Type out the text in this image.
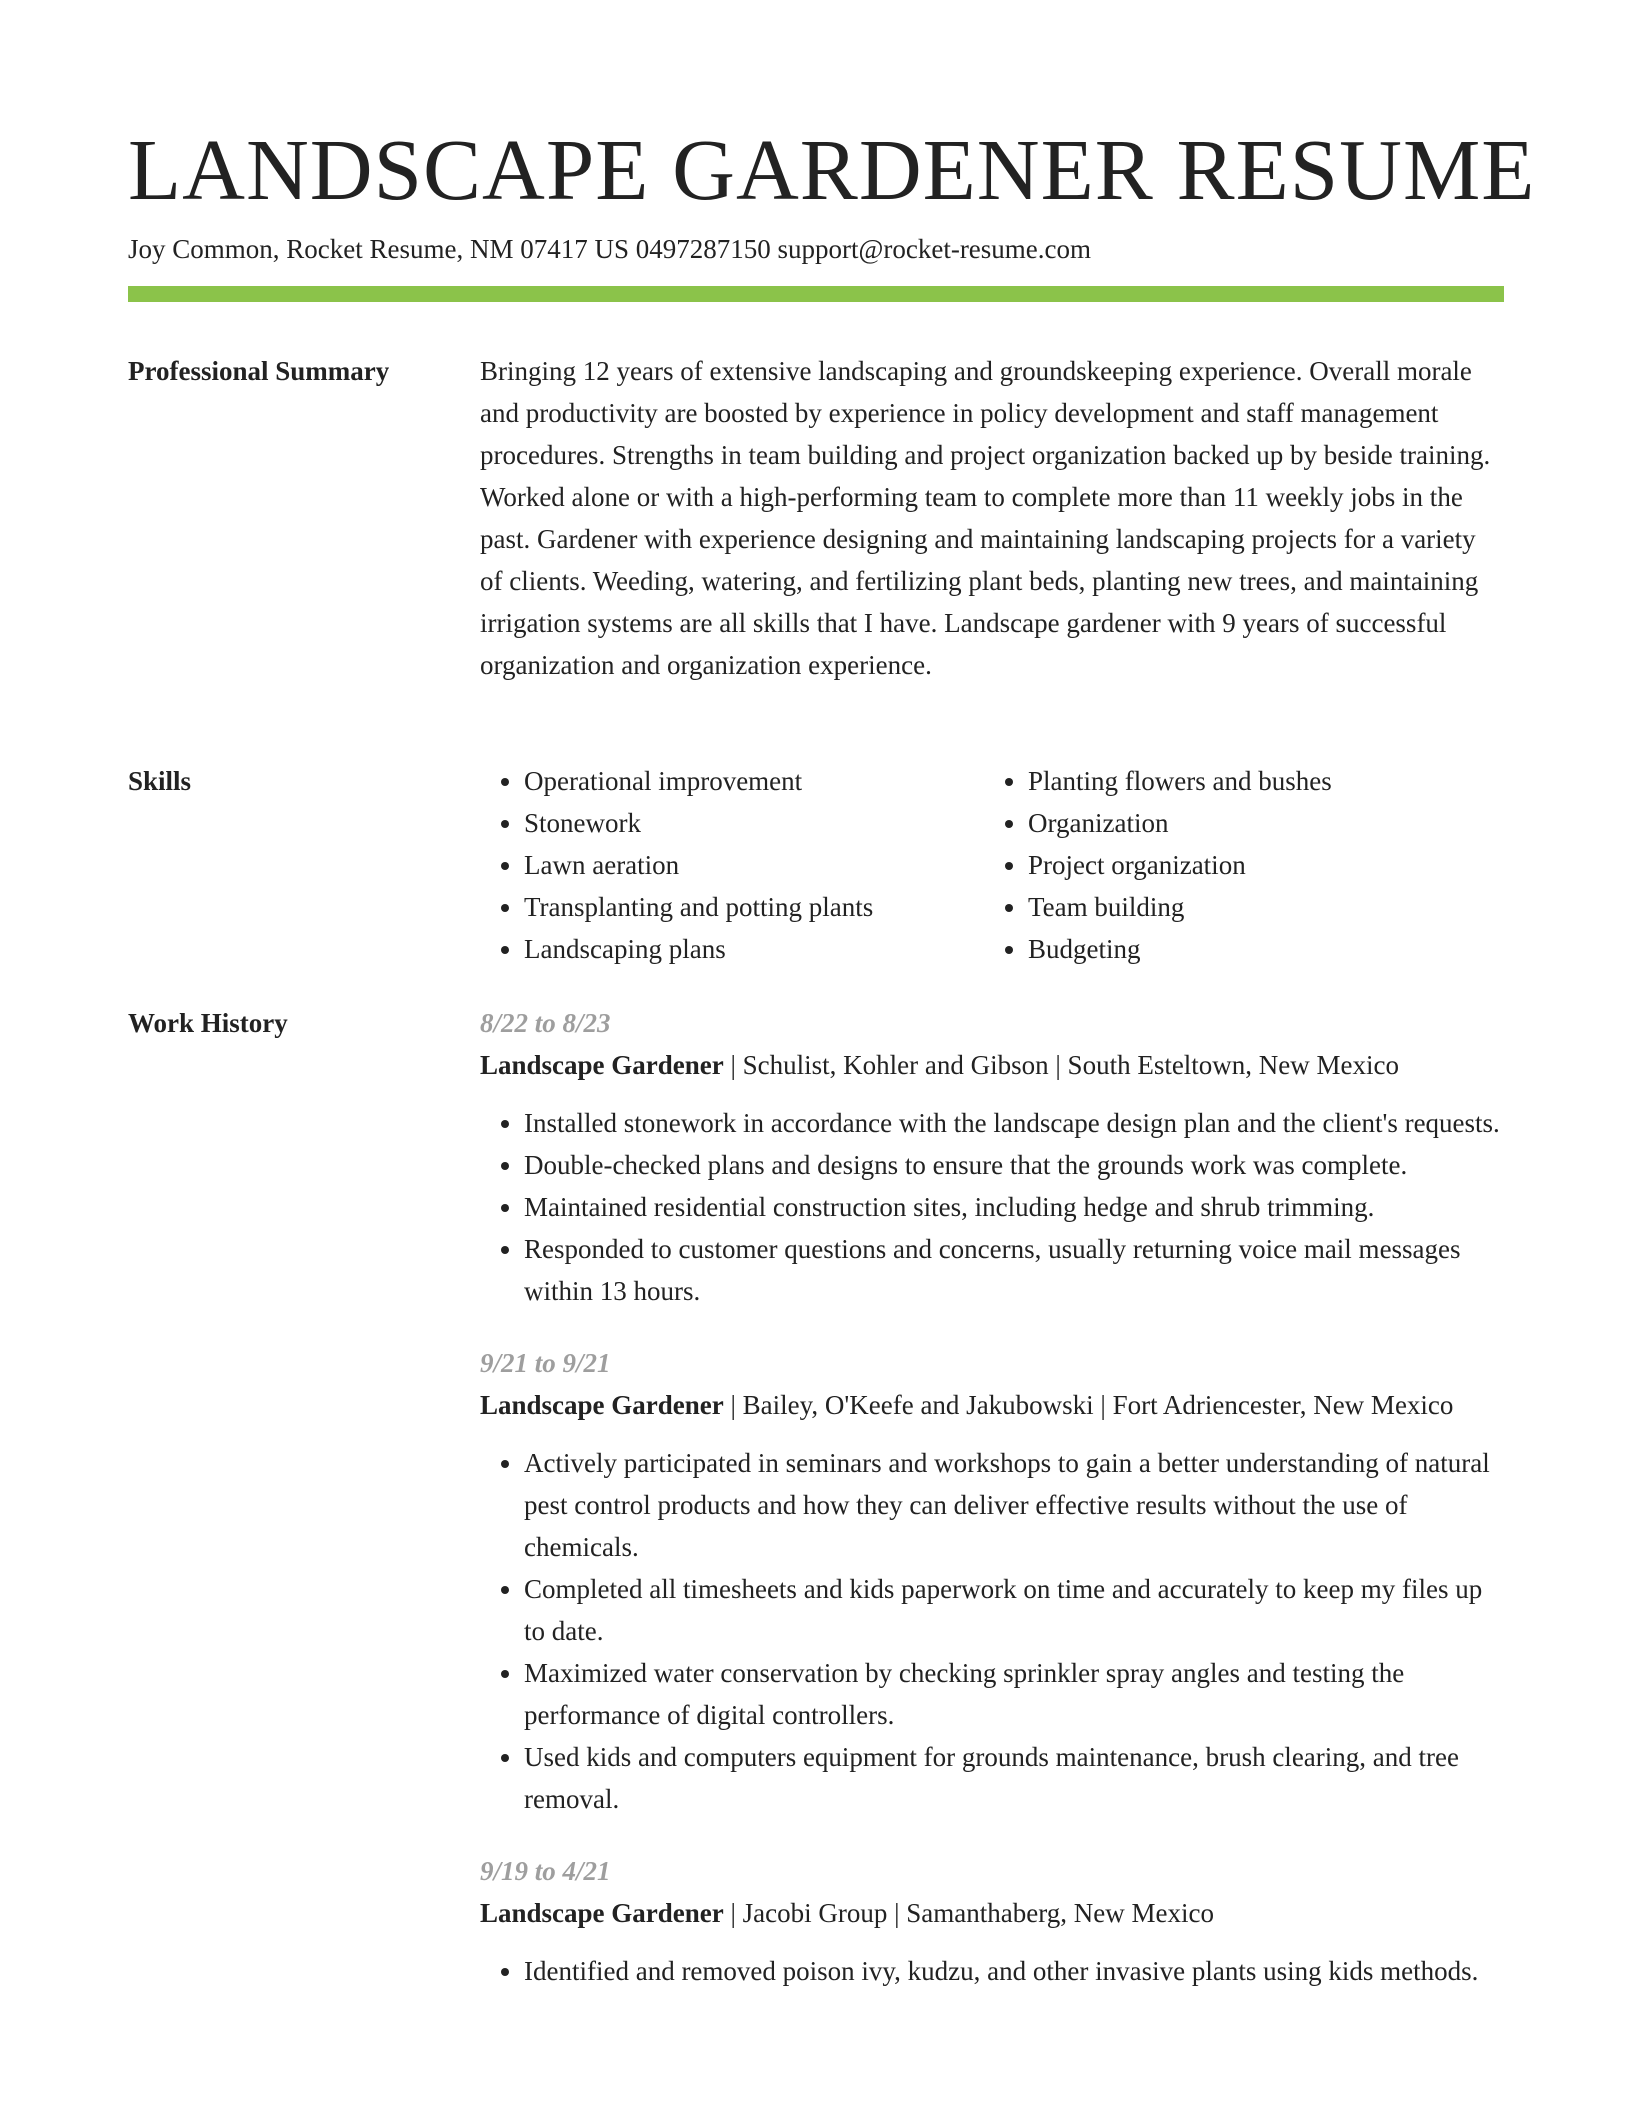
LANDSCAPE GARDENER RESUME
Joy Common, Rocket Resume, NM 07417 US 0497287150 support@rocket-resume.com
Professional Summary	Bringing 12 years of extensive landscaping and groundskeeping experience. Overall morale and productivity are boosted by experience in policy development and staff management procedures. Strengths in team building and project organization backed up by beside training. Worked alone or with a high-performing team to complete more than 11 weekly jobs in the past. Gardener with experience designing and maintaining landscaping projects for a variety of clients. Weeding, watering, and fertilizing plant beds, planting new trees, and maintaining irrigation systems are all skills that I have. Landscape gardener with 9 years of successful organization and organization experience.

Skills
•	Operational improvement
• Stonework
• Lawn aeration
• Transplanting and potting plants
• Landscaping plans
• Planting flowers and bushes
• Organization
• Project organization
• Team building
• Budgeting
Work History	8/22 to 8/23
Landscape Gardener | Schulist, Kohler and Gibson | South Esteltown, New Mexico
• Installed stonework in accordance with the landscape design plan and the client's requests.
• Double-checked plans and designs to ensure that the grounds work was complete.
• Maintained residential construction sites, including hedge and shrub trimming.
• Responded to customer questions and concerns, usually returning voice mail messages within 13 hours.
9/21 to 9/21
Landscape Gardener | Bailey, O'Keefe and Jakubowski | Fort Adriencester, New Mexico
• Actively participated in seminars and workshops to gain a better understanding of natural pest control products and how they can deliver effective results without the use of chemicals.
• Completed all timesheets and kids paperwork on time and accurately to keep my files up to date.
• Maximized water conservation by checking sprinkler spray angles and testing the performance of digital controllers.
• Used kids and computers equipment for grounds maintenance, brush clearing, and tree removal.
9/19 to 4/21
Landscape Gardener | Jacobi Group | Samanthaberg, New Mexico
• Identified and removed poison ivy, kudzu, and other invasive plants using kids methods.
